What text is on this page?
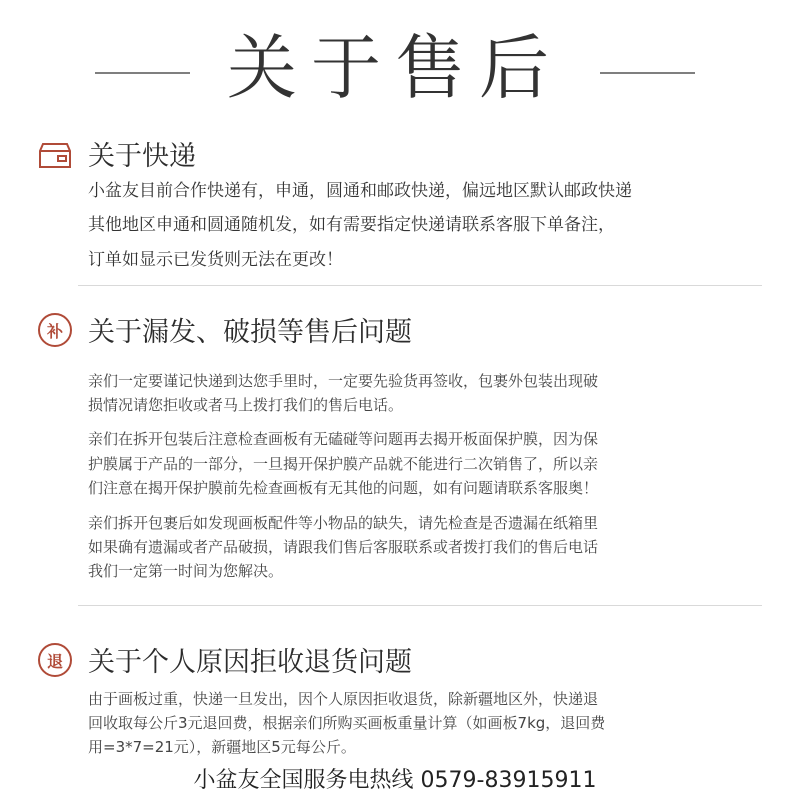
关于售后
关于快递
小盆友目前合作快递有，申通，圆通和邮政快递，偏远地区默认邮政快递
其他地区申通和圆通随机发，如有需要指定快递请联系客服下单备注，
订单如显示已发货则无法在更改！
补 关于漏发、破损等售后问题
亲们一定要谨记快递到达您手里时，一定要先验货再签收，包裹外包装出现破
损情况请您拒收或者马上拨打我们的售后电话。
亲们在拆开包装后注意检查画板有无磕碰等问题再去揭开板面保护膜，因为保
护膜属于产品的一部分，一旦揭开保护膜产品就不能进行二次销售了，所以亲
们注意在揭开保护膜前先检查画板有无其他的问题，如有问题请联系客服奥！
亲们拆开包裹后如发现画板配件等小物品的缺失，请先检查是否遗漏在纸箱里
如果确有遗漏或者产品破损，请跟我们售后客服联系或者拨打我们的售后电话
我们一定第一时间为您解决。
退 关于个人原因拒收退货问题
由于画板过重，快递一旦发出，因个人原因拒收退货，除新疆地区外，快递退
回收取每公斤3元退回费，根据亲们所购买画板重量计算（如画板7kg，退回费
用=3*7=21元），新疆地区5元每公斤。
小盆友全国服务电热线 0579-83915911
